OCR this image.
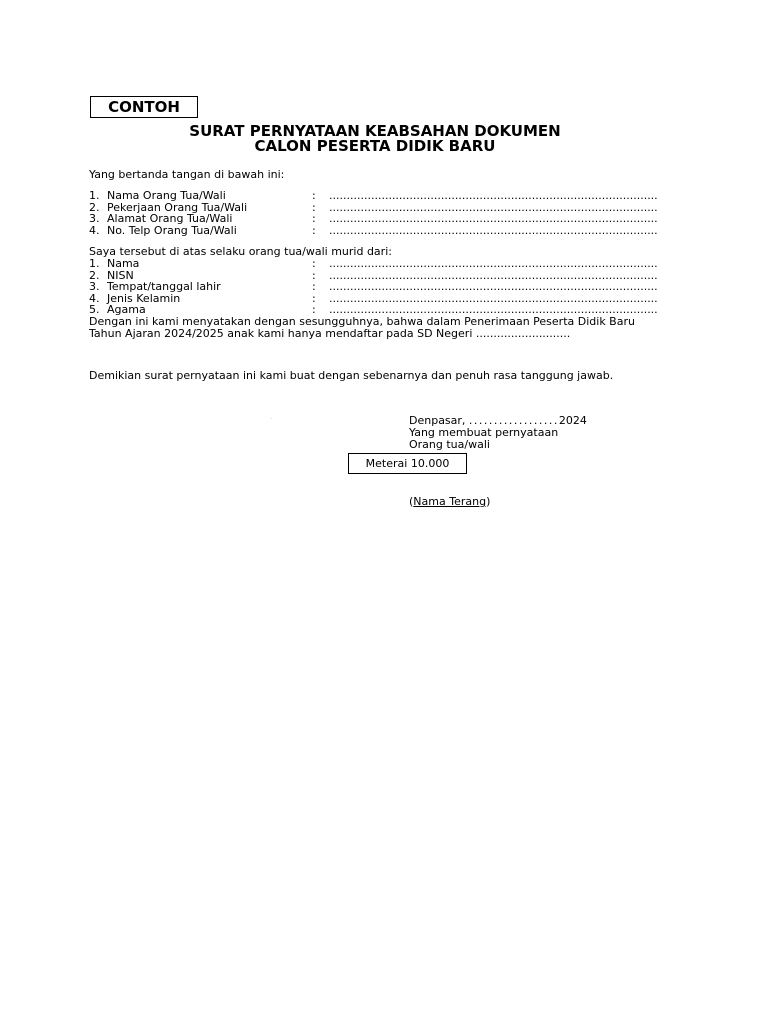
CONTOH
SURAT PERNYATAAN KEABSAHAN DOKUMEN
CALON PESERTA DIDIK BARU
Yang bertanda tangan di bawah ini:
1. Nama Orang Tua/Wali	: ..............................................................................................
2. Pekerjaan Orang Tua/Wali	: ..............................................................................................
3. Alamat Orang Tua/Wali	: ..............................................................................................
4. No. Telp Orang Tua/Wali	: ..............................................................................................
Saya tersebut di atas selaku orang tua/wali murid dari:
1. Nama	: ..............................................................................................
2. NISN	: ..............................................................................................
3. Tempat/tanggal lahir	: ..............................................................................................
4. Jenis Kelamin	: ..............................................................................................
5. Agama	: ..............................................................................................
Dengan ini kami menyatakan dengan sesungguhnya, bahwa dalam Penerimaan Peserta Didik Baru
Tahun Ajaran 2024/2025 anak kami hanya mendaftar pada SD Negeri ...........................
Demikian surat pernyataan ini kami buat dengan sebenarnya dan penuh rasa tanggung jawab.
.	Denpasar, ..................2024
Yang membuat pernyataan
Orang tua/wali
Meterai 10.000
(Nama Terang)
